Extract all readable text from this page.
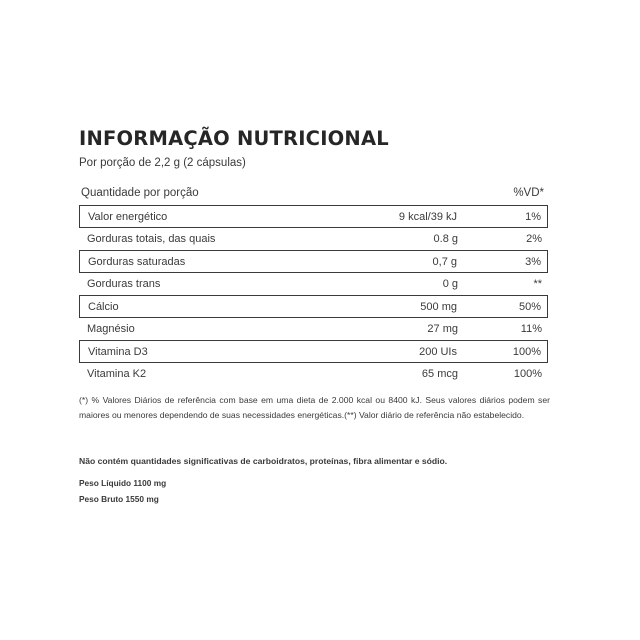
INFORMAÇÃO NUTRICIONAL
Por porção de 2,2 g (2 cápsulas)
Quantidade por porção	%VD*
Valor energético	9 kcal/39 kJ	1%
Gorduras totais, das quais	0.8 g	2%
Gorduras saturadas	0,7 g	3%
Gorduras trans	0 g	**
Cálcio	500 mg	50%
Magnésio	27 mg	11%
Vitamina D3	200 UIs	100%
Vitamina K2	65 mcg	100%
(*) % Valores Diários de referência com base em uma dieta de 2.000 kcal ou 8400 kJ. Seus valores diários podem ser maiores ou menores dependendo de suas necessidades energéticas.(**) Valor diário de referência não estabelecido.
Não contém quantidades significativas de carboidratos, proteínas, fibra alimentar e sódio.
Peso Líquido 1100 mg
Peso Bruto 1550 mg
